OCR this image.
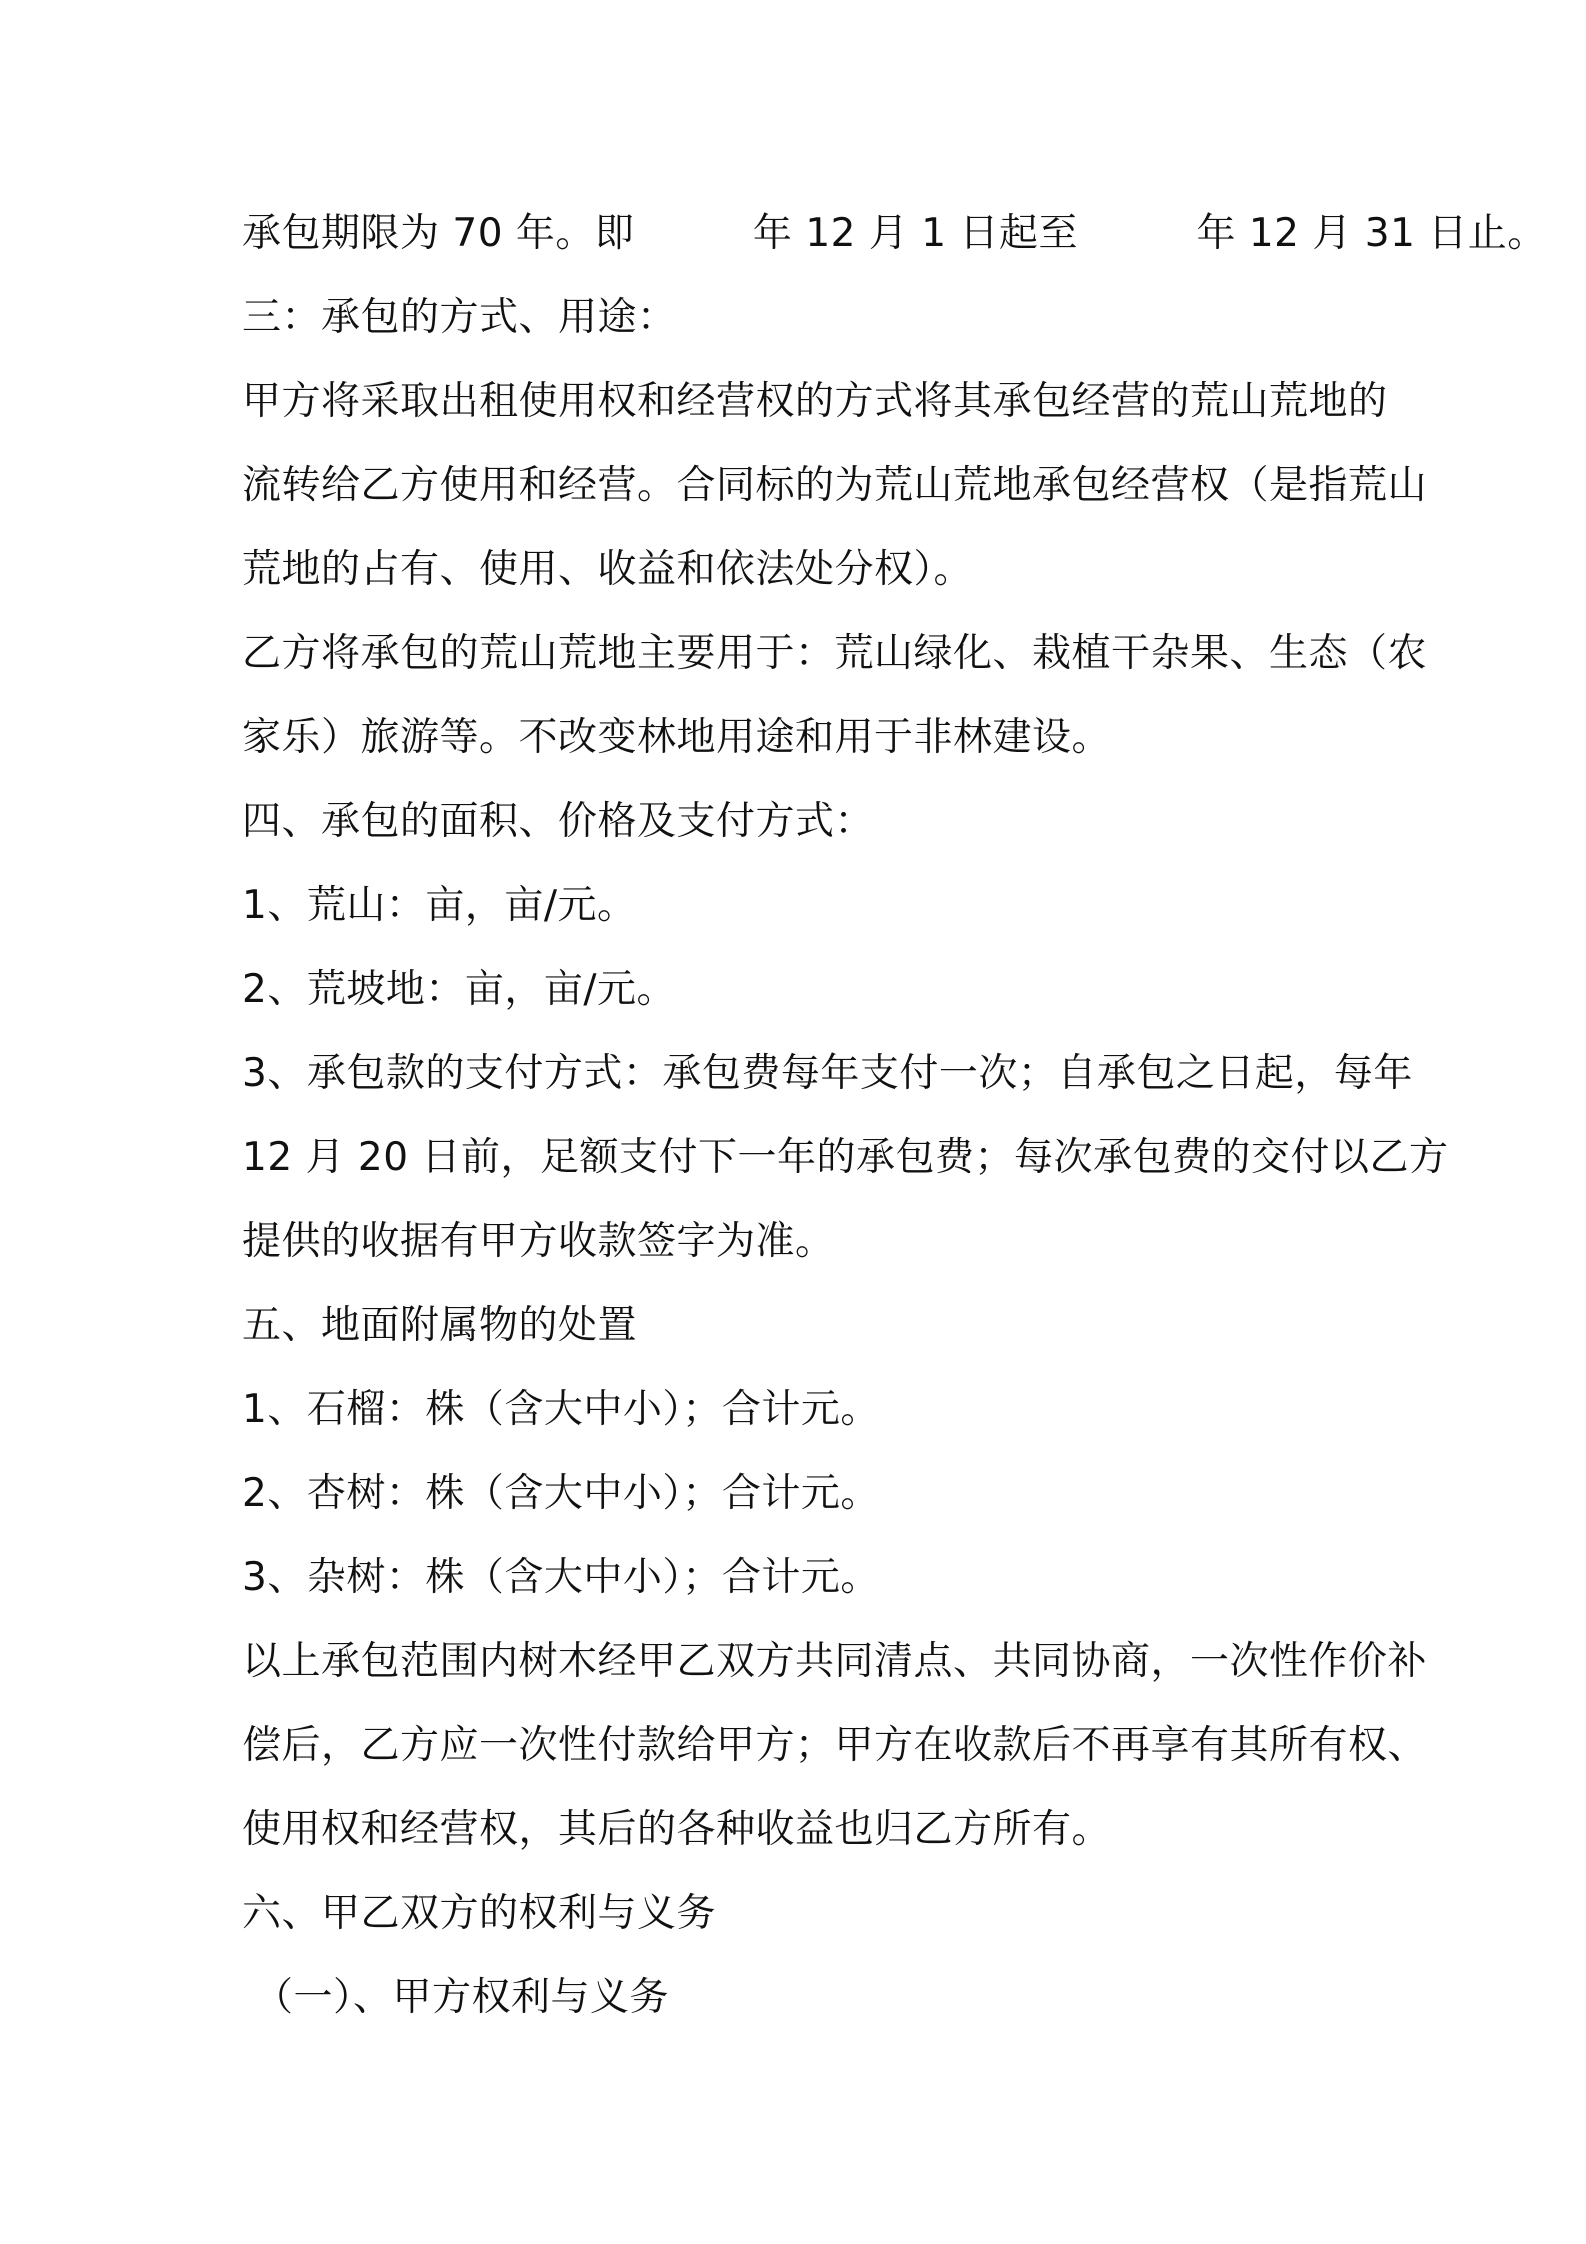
承包期限为 70 年。即　　　年 12 月 1 日起至　　　年 12 月 31 日止。
三：承包的方式、用途：
甲方将采取出租使用权和经营权的方式将其承包经营的荒山荒地的
流转给乙方使用和经营。合同标的为荒山荒地承包经营权（是指荒山
荒地的占有、使用、收益和依法处分权）。
乙方将承包的荒山荒地主要用于：荒山绿化、栽植干杂果、生态（农
家乐）旅游等。不改变林地用途和用于非林建设。
四、承包的面积、价格及支付方式：
1、荒山：亩，亩/元。
2、荒坡地：亩，亩/元。
3、承包款的支付方式：承包费每年支付一次；自承包之日起，每年
12 月 20 日前，足额支付下一年的承包费；每次承包费的交付以乙方
提供的收据有甲方收款签字为准。
五、地面附属物的处置
1、石榴：株（含大中小）；合计元。
2、杏树：株（含大中小）；合计元。
3、杂树：株（含大中小）；合计元。
以上承包范围内树木经甲乙双方共同清点、共同协商，一次性作价补
偿后，乙方应一次性付款给甲方；甲方在收款后不再享有其所有权、
使用权和经营权，其后的各种收益也归乙方所有。
六、甲乙双方的权利与义务
（一）、甲方权利与义务
